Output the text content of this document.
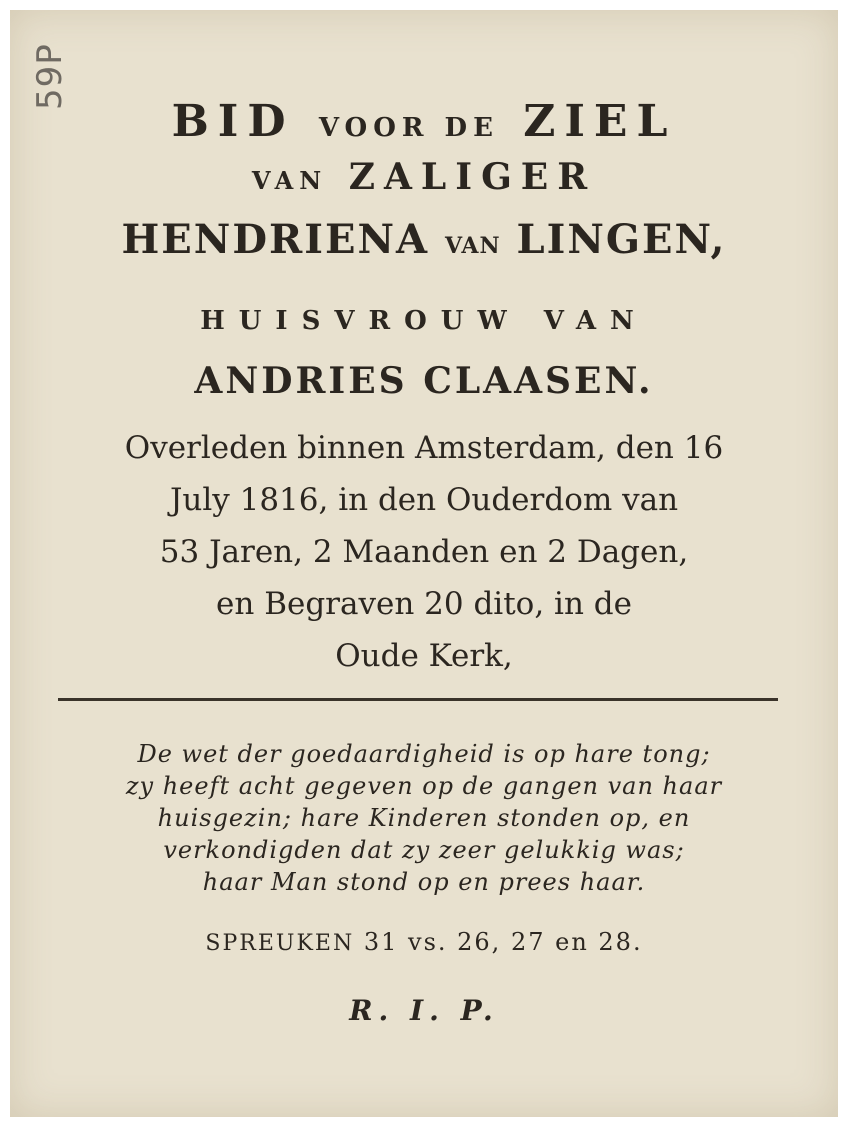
59P
BID VOOR DE ZIEL
VAN ZALIGER
HENDRIENA VAN LINGEN,
HUISVROUW VAN
ANDRIES CLAASEN.
Overleden binnen Amsterdam, den 16
July 1816, in den Ouderdom van
53 Jaren, 2 Maanden en 2 Dagen,
en Begraven 20 dito, in de
Oude Kerk,
De wet der goedaardigheid is op hare tong;
zy heeft acht gegeven op de gangen van haar
huisgezin; hare Kinderen stonden op, en
verkondigden dat zy zeer gelukkig was;
haar Man stond op en prees haar.
SPREUKEN 31 vs. 26, 27 en 28.
R. I. P.
